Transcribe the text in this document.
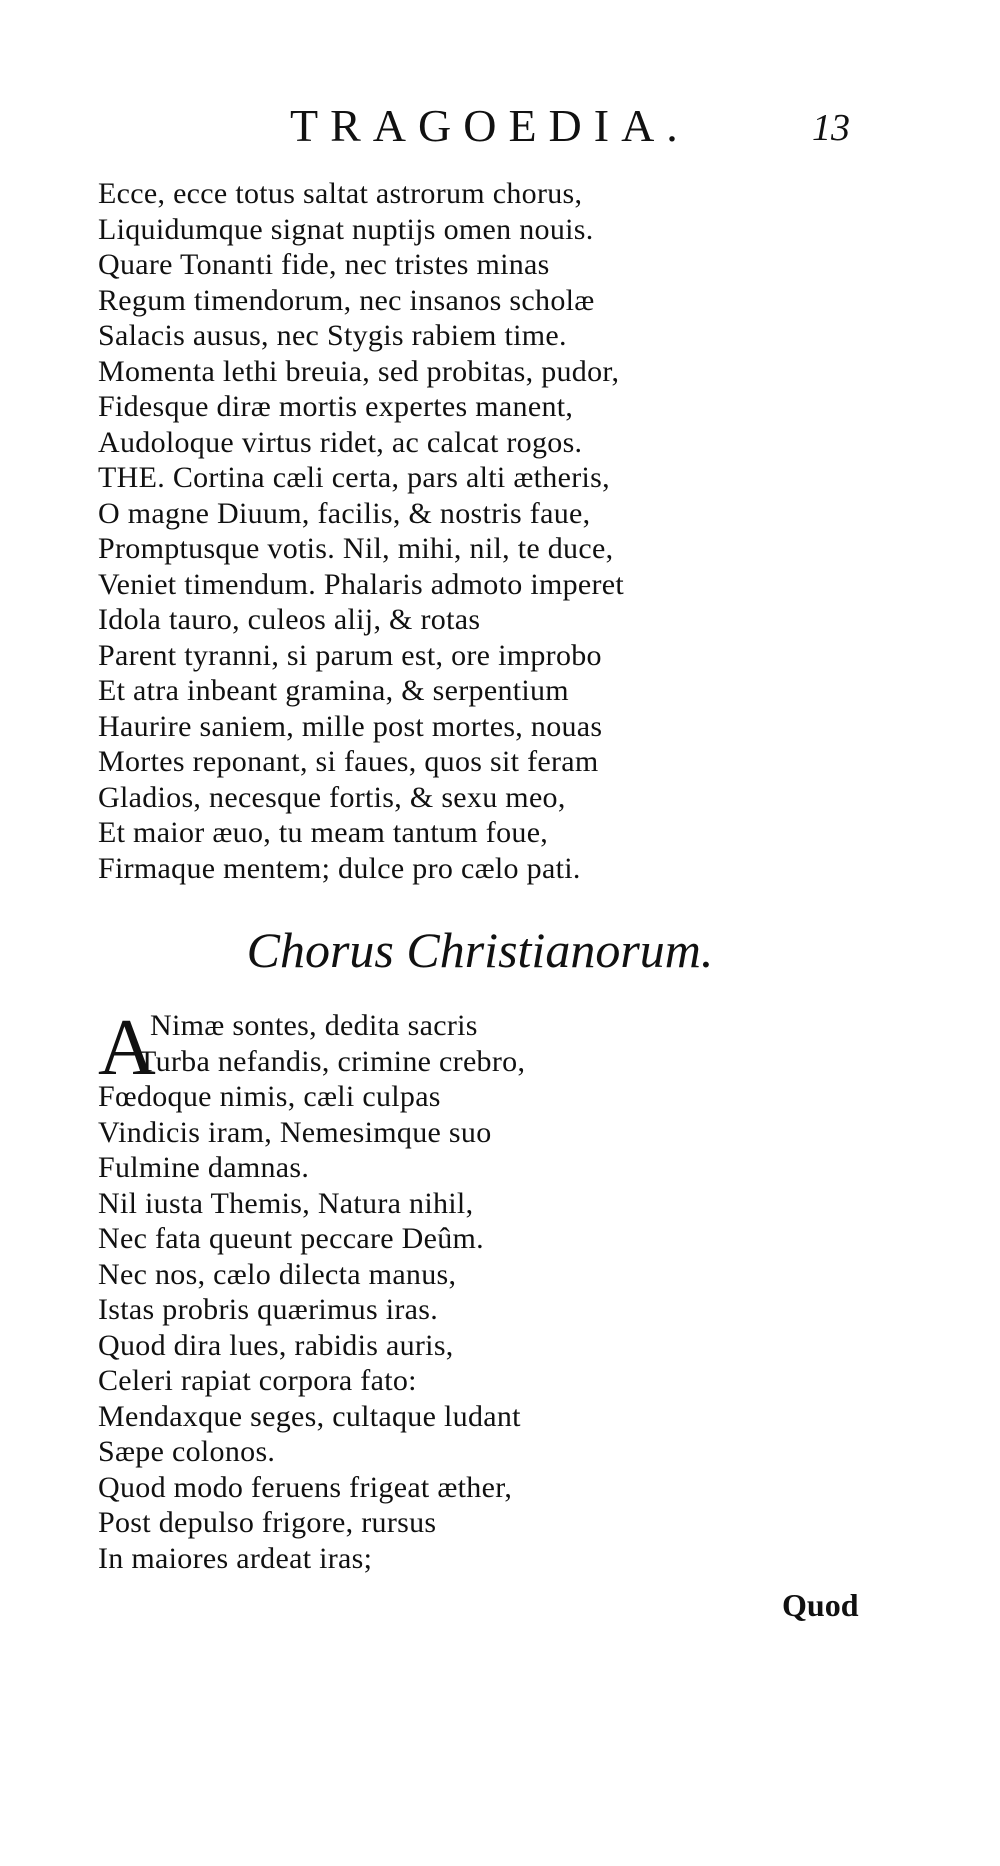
TRAGOEDIA.	13
Ecce, ecce totus saltat astrorum chorus,
Liquidumque signat nuptijs omen nouis.
Quare Tonanti fide, nec tristes minas
Regum timendorum, nec insanos scholæ
Salacis ausus, nec Stygis rabiem time.
Momenta lethi breuia, sed probitas, pudor,
Fidesque diræ mortis expertes manent,
Audoloque virtus ridet, ac calcat rogos.
THE. Cortina cæli certa, pars alti ætheris,
O magne Diuum, facilis, & nostris faue,
Promptusque votis. Nil, mihi, nil, te duce,
Veniet timendum. Phalaris admoto imperet
Idola tauro, culeos alij, & rotas
Parent tyranni, si parum est, ore improbo
Et atra inbeant gramina, & serpentium
Haurire saniem, mille post mortes, nouas
Mortes reponant, si faues, quos sit feram
Gladios, necesque fortis, & sexu meo,
Et maior æuo, tu meam tantum foue,
Firmaque mentem; dulce pro cælo pati.
Chorus Christianorum.
A
Nimæ sontes, dedita sacris
Turba nefandis, crimine crebro,
Fœdoque nimis, cæli culpas
Vindicis iram, Nemesimque suo
Fulmine damnas.
Nil iusta Themis, Natura nihil,
Nec fata queunt peccare Deûm.
Nec nos, cælo dilecta manus,
Istas probris quærimus iras.
Quod dira lues, rabidis auris,
Celeri rapiat corpora fato:
Mendaxque seges, cultaque ludant
Sæpe colonos.
Quod modo feruens frigeat æther,
Post depulso frigore, rursus
In maiores ardeat iras;
Quod
